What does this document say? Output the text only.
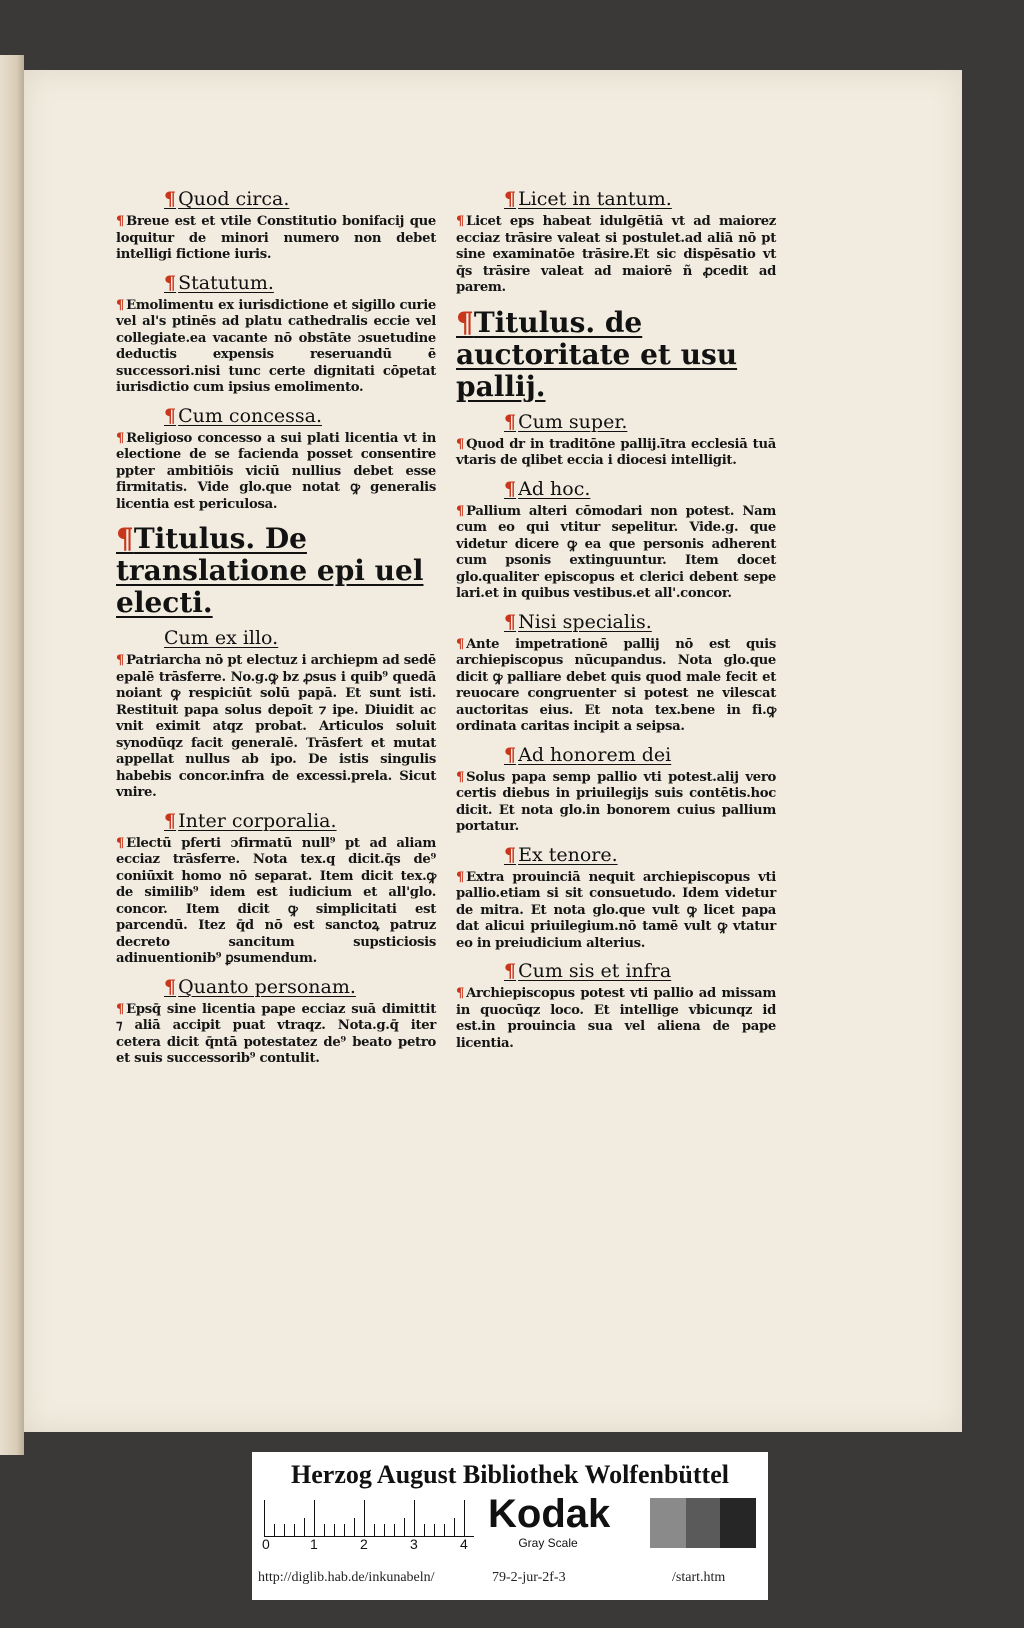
¶ Quod circa.

¶ Breue est et vtile Constitutio bonifacij que loquitur de minori numero non debet intelligi fictione iuris.

¶ Statutum.

¶ Emolimentu ex iurisdictione et sigillo curie vel al's ptinēs ad platu cathedralis eccie vel collegiate.ea vacante nō obstāte ɔsuetudine deductis expensis reseruandū ē successori.nisi tunc certe dignitati cōpetat iurisdictio cum ipsius emolimento.

¶ Cum concessa.

¶ Religioso concesso a sui plati licentia vt in electione de se facienda posset consentire ppter ambitiōis viciū nullius debet esse firmitatis. Vide glo.que notat ꝙ generalis licentia est periculosa.

¶Titulus. De translatione epi uel electi.
Cum ex illo.

¶ Patriarcha nō pt electuz i archiepm ad sedē epalē trāsferre. No.g.ꝙ bz ꝓsus i quib⁹ quedā noiant ꝙ respiciūt solū papā. Et sunt isti. Restituit papa solus depoīt ⁊ ipe. Diuidit ac vnit eximit atqz probat. Articulos soluit synodūqz facit generalē. Trāsfert et mutat appellat nullus ab ipo. De istis singulis habebis concor.infra de excessi.prela. Sicut vnire.

¶ Inter corporalia.

¶ Electū pferti ɔfirmatū null⁹ pt ad aliam ecciaz trāsferre. Nota tex.q dicit.q̄s de⁹ coniūxit homo nō separat. Item dicit tex.ꝙ de similib⁹ idem est iudicium et all'glo. concor. Item dicit ꝙ simplicitati est parcendū. Itez q̄d nō est sanctoꝝ patruz decreto sancitum supsticiosis adinuentionib⁹ ꝑsumendum.

¶ Quanto personam.

¶ Epsq̄ sine licentia pape ecciaz suā dimittit ⁊ aliā accipit puat vtraqz. Nota.g.q̄ iter cetera dicit q̄ntā potestatez de⁹ beato petro et suis successorib⁹ contulit.

¶ Licet in tantum.

¶ Licet eps habeat idulgētiā vt ad maiorez ecciaz trāsire valeat si postulet.ad aliā nō pt sine examinatōe trāsire.Et sic dispēsatio vt q̄s trāsire valeat ad maiorē ñ ꝓcedit ad parem.

¶Titulus. de auctoritate et usu pallij.
¶ Cum super.

¶ Quod dr in traditōne pallij.ītra ecclesiā tuā vtaris de qlibet eccia i diocesi intelligit.

¶ Ad hoc.

¶ Pallium alteri cōmodari non potest. Nam cum eo qui vtitur sepelitur. Vide.g. que videtur dicere ꝙ ea que personis adherent cum psonis extinguuntur. Item docet glo.qualiter episcopus et clerici debent sepe lari.et in quibus vestibus.et all'.concor.

¶ Nisi specialis.

¶ Ante impetrationē pallij nō est quis archiepiscopus nūcupandus. Nota glo.que dicit ꝙ palliare debet quis quod male fecit et reuocare congruenter si potest ne vilescat auctoritas eius. Et nota tex.bene in fi.ꝙ ordinata caritas incipit a seipsa.

¶ Ad honorem dei

¶ Solus papa semp pallio vti potest.alij vero certis diebus in priuilegijs suis contētis.hoc dicit. Et nota glo.in bonorem cuius pallium portatur.

¶ Ex tenore.

¶ Extra prouinciā nequit archiepiscopus vti pallio.etiam si sit consuetudo. Idem videtur de mitra. Et nota glo.que vult ꝙ licet papa dat alicui priuilegium.nō tamē vult ꝙ vtatur eo in preiudicium alterius.

¶ Cum sis et infra

¶ Archiepiscopus potest vti pallio ad missam in quocūqz loco. Et intellige vbicunqz id est.in prouincia sua vel aliena de pape licentia.

Herzog August Bibliothek Wolfenbüttel
0	1	2	3	4
Kodak
Gray Scale
http://diglib.hab.de/inkunabeln/	79-2-jur-2f-3	/start.htm
